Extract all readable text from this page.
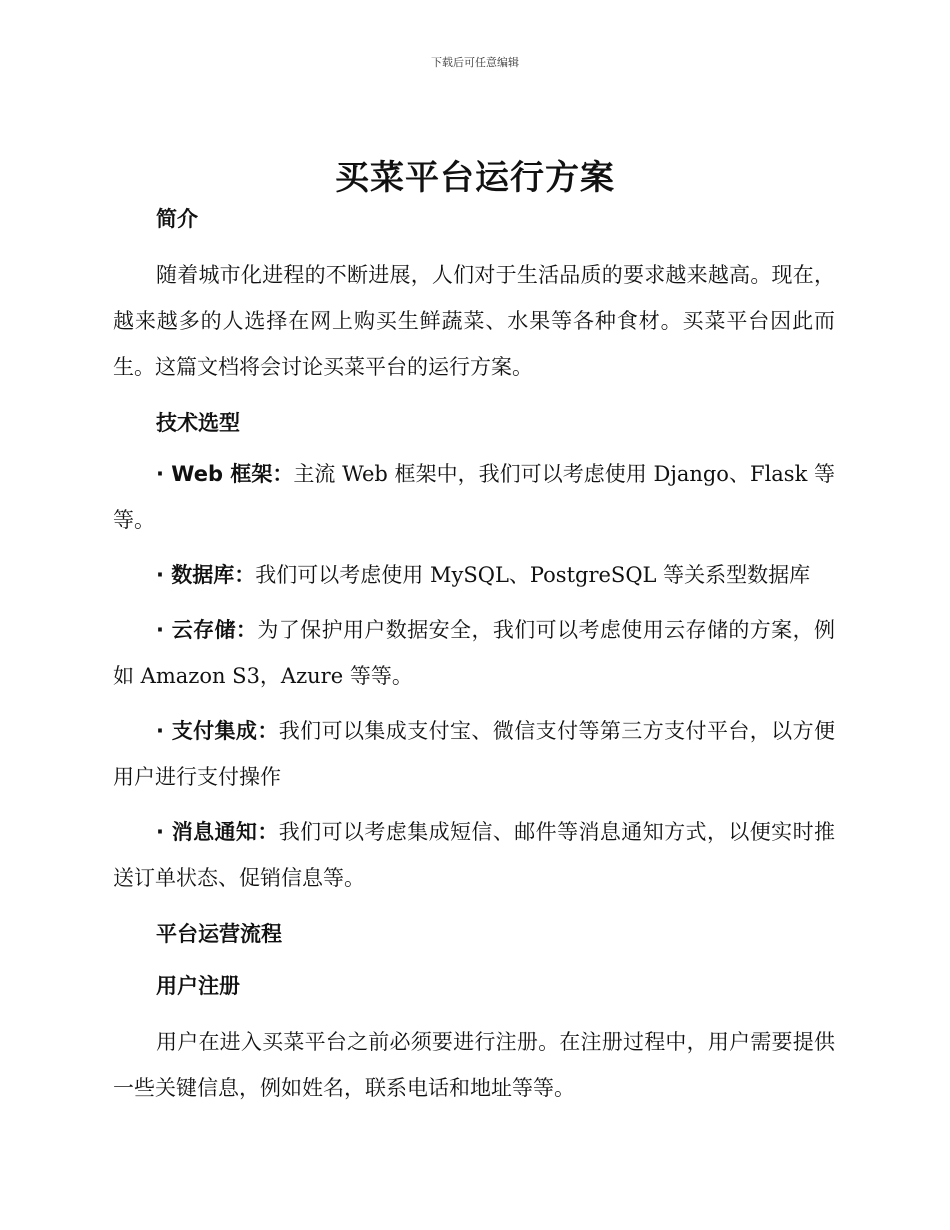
下载后可任意编辑
买菜平台运行方案
简介

随着城市化进程的不断进展，人们对于生活品质的要求越来越高。现在，越来越多的人选择在网上购买生鲜蔬菜、水果等各种食材。买菜平台因此而生。这篇文档将会讨论买菜平台的运行方案。

技术选型

· Web 框架：主流 Web 框架中，我们可以考虑使用 Django、Flask 等等。

· 数据库：我们可以考虑使用 MySQL、PostgreSQL 等关系型数据库

· 云存储：为了保护用户数据安全，我们可以考虑使用云存储的方案，例如 Amazon S3，Azure 等等。

· 支付集成：我们可以集成支付宝、微信支付等第三方支付平台，以方便用户进行支付操作

· 消息通知：我们可以考虑集成短信、邮件等消息通知方式，以便实时推送订单状态、促销信息等。

平台运营流程
用户注册

用户在进入买菜平台之前必须要进行注册。在注册过程中，用户需要提供一些关键信息，例如姓名，联系电话和地址等等。
